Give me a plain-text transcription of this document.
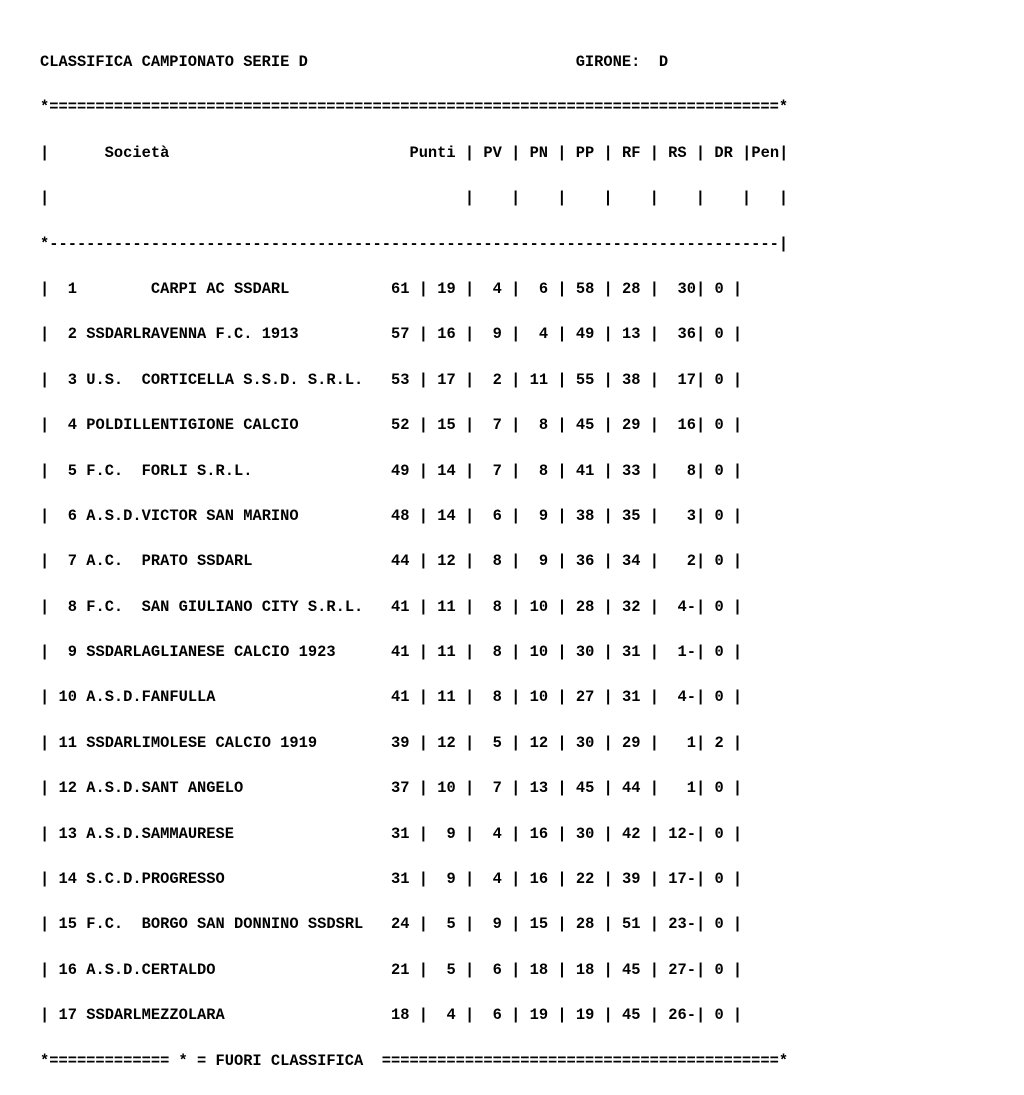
CLASSIFICA CAMPIONATO SERIE D	GIRONE: D

*===============================================================================*

|      Società	Punti | PV | PN | PP | RF | RS | DR |Pen|

|                                             |    |    |    |    |    |    |   |

*-------------------------------------------------------------------------------|

|  1        CARPI AC SSDARL           61 | 19 |  4 |  6 | 58 | 28 |  30| 0 |

|  2 SSDARLRAVENNA F.C. 1913          57 | 16 |  9 |  4 | 49 | 13 |  36| 0 |

|  3 U.S.  CORTICELLA S.S.D. S.R.L.   53 | 17 |  2 | 11 | 55 | 38 |  17| 0 |

|  4 POLDILLENTIGIONE CALCIO          52 | 15 |  7 |  8 | 45 | 29 |  16| 0 |

|  5 F.C.  FORLI S.R.L.               49 | 14 |  7 |  8 | 41 | 33 |   8| 0 |

|  6 A.S.D.VICTOR SAN MARINO          48 | 14 |  6 |  9 | 38 | 35 |   3| 0 |

|  7 A.C.  PRATO SSDARL               44 | 12 |  8 |  9 | 36 | 34 |   2| 0 |

|  8 F.C.  SAN GIULIANO CITY S.R.L.   41 | 11 |  8 | 10 | 28 | 32 |  4-| 0 |

|  9 SSDARLAGLIANESE CALCIO 1923      41 | 11 |  8 | 10 | 30 | 31 |  1-| 0 |

| 10 A.S.D.FANFULLA                   41 | 11 |  8 | 10 | 27 | 31 |  4-| 0 |

| 11 SSDARLIMOLESE CALCIO 1919        39 | 12 |  5 | 12 | 30 | 29 |   1| 2 |

| 12 A.S.D.SANT ANGELO                37 | 10 |  7 | 13 | 45 | 44 |   1| 0 |

| 13 A.S.D.SAMMAURESE                 31 |  9 |  4 | 16 | 30 | 42 | 12-| 0 |

| 14 S.C.D.PROGRESSO                  31 |  9 |  4 | 16 | 22 | 39 | 17-| 0 |

| 15 F.C.  BORGO SAN DONNINO SSDSRL   24 |  5 |  9 | 15 | 28 | 51 | 23-| 0 |

| 16 A.S.D.CERTALDO                   21 |  5 |  6 | 18 | 18 | 45 | 27-| 0 |

| 17 SSDARLMEZZOLARA                  18 |  4 |  6 | 19 | 19 | 45 | 26-| 0 |

*============= * = FUORI CLASSIFICA  ===========================================*
